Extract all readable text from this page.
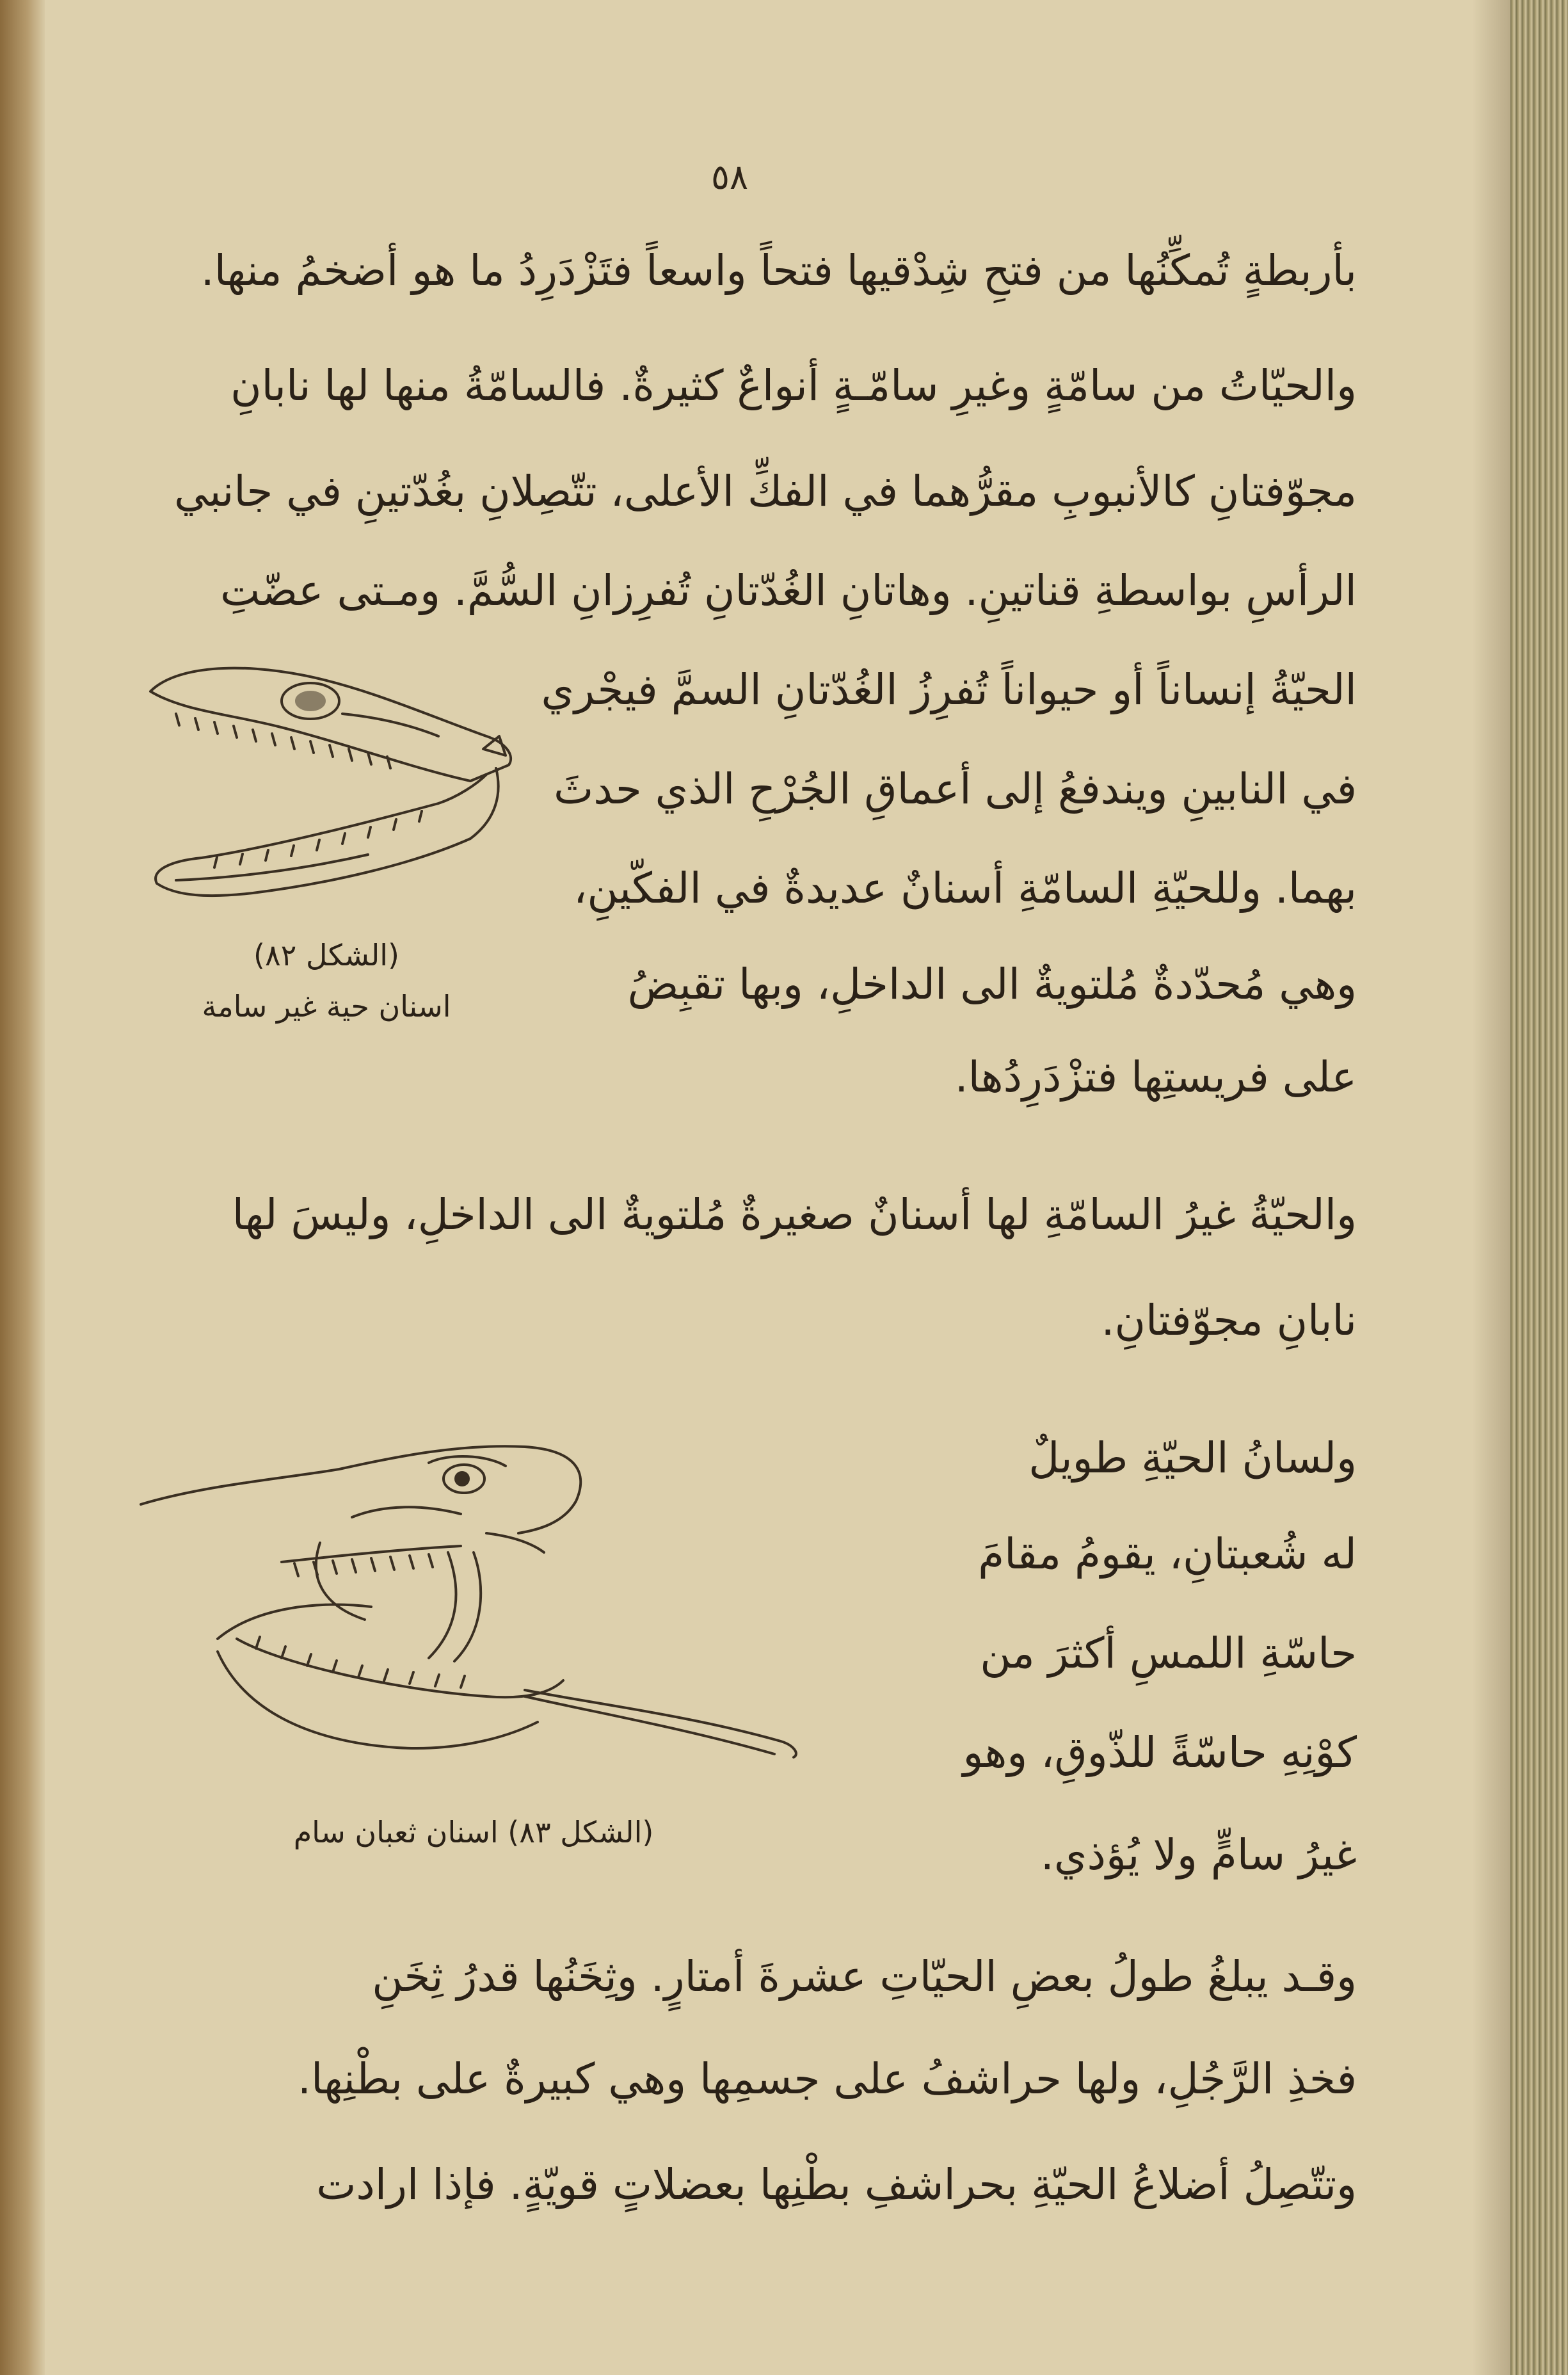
٥٨
بأربطةٍ تُمكِّنُها من فتحِ شِدْقيها فتحاً واسعاً فتَزْدَرِدُ ما هو أضخمُ منها.
والحيّاتُ من سامّةٍ وغيرِ سامّـةٍ أنواعٌ كثيرةٌ. فالسامّةُ منها لها نابانِ
مجوّفتانِ كالأنبوبِ مقرُّهما في الفكِّ الأعلى، تتّصِلانِ بغُدّتينِ في جانبي
الرأسِ بواسطةِ قناتينِ. وهاتانِ الغُدّتانِ تُفرِزانِ السُّمَّ. ومـتى عضّتِ
الحيّةُ إنساناً أو حيواناً تُفرِزُ الغُدّتانِ السمَّ فيجْري
في النابينِ ويندفعُ إلى أعماقِ الجُرْحِ الذي حدثَ
بهما. وللحيّةِ السامّةِ أسنانٌ عديدةٌ في الفكّينِ،
وهي مُحدّدةٌ مُلتويةٌ الى الداخلِ، وبها تقبِضُ
على فريستِها فتزْدَرِدُها.
(الشكل ٨٢)
اسنان حية غير سامة
والحيّةُ غيرُ السامّةِ لها أسنانٌ صغيرةٌ مُلتويةٌ الى الداخلِ، وليسَ لها
نابانِ مجوّفتانِ.
(الشكل ٨٣) اسنان ثعبان سام
ولسانُ الحيّةِ طويلٌ
له شُعبتانِ، يقومُ مقامَ
حاسّةِ اللمسِ أكثرَ من
كوْنِهِ حاسّةً للذّوقِ، وهو
غيرُ سامٍّ ولا يُؤذي.
وقـد يبلغُ طولُ بعضِ الحيّاتِ عشرةَ أمتارٍ. وثِخَنُها قدرُ ثِخَنِ
فخذِ الرَّجُلِ، ولها حراشفُ على جسمِها وهي كبيرةٌ على بطْنِها.
وتتّصِلُ أضلاعُ الحيّةِ بحراشفِ بطْنِها بعضلاتٍ قويّةٍ. فإذا ارادت
